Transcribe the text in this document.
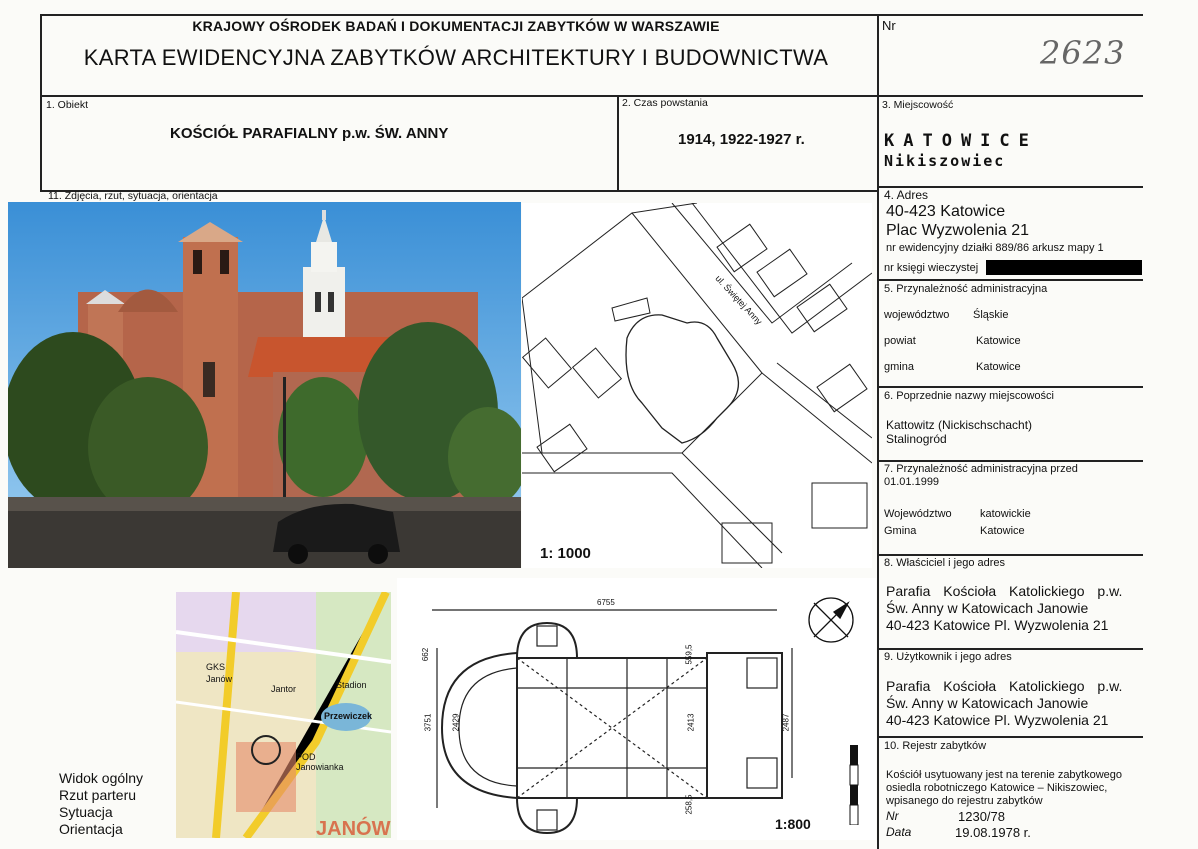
KRAJOWY OŚRODEK BADAŃ I DOKUMENTACJI ZABYTKÓW W WARSZAWIE
KARTA EWIDENCYJNA ZABYTKÓW ARCHITEKTURY I BUDOWNICTWA
Nr
2623
1. Obiekt
KOŚCIÓŁ PARAFIALNY p.w. ŚW. ANNY
2. Czas powstania
1914, 1922-1927 r.
3. Miejscowość
KATOWICE
Nikiszowiec
11. Zdjęcia, rzut, sytuacja, orientacja
ul. Świętej Anny
1: 1000
GKS
Janów
Stadion
Jantor
Przewiczek
POD Janowianka
JANÓW
6755
3751 2429	2413	2487
662	559,5
258,5
1:800
Widok ogólny
Rzut parteru
Sytuacja
Orientacja
4. Adres
40-423 Katowice
Plac Wyzwolenia 21
nr ewidencyjny działki 889/86 arkusz mapy 1
nr księgi wieczystej
5. Przynależność administracyjna
województwo Śląskie
powiat	Katowice
gmina	Katowice
6. Poprzednie nazwy miejscowości
Kattowitz (Nickischschacht)
Stalinogród
7. Przynależność administracyjna przed
01.01.1999
Województwo	katowickie
Gmina	Katowice
8. Właściciel i jego adres
Parafia Kościoła Katolickiego p.w.
Św. Anny w Katowicach Janowie
40-423 Katowice Pl. Wyzwolenia 21
9. Użytkownik i jego adres
Parafia Kościoła Katolickiego p.w.
Św. Anny w Katowicach Janowie
40-423 Katowice Pl. Wyzwolenia 21
10. Rejestr zabytków
Kościół usytuowany jest na terenie zabytkowego
osiedla robotniczego Katowice – Nikiszowiec,
wpisanego do rejestru zabytków
Nr	1230/78
Data	19.08.1978 r.
